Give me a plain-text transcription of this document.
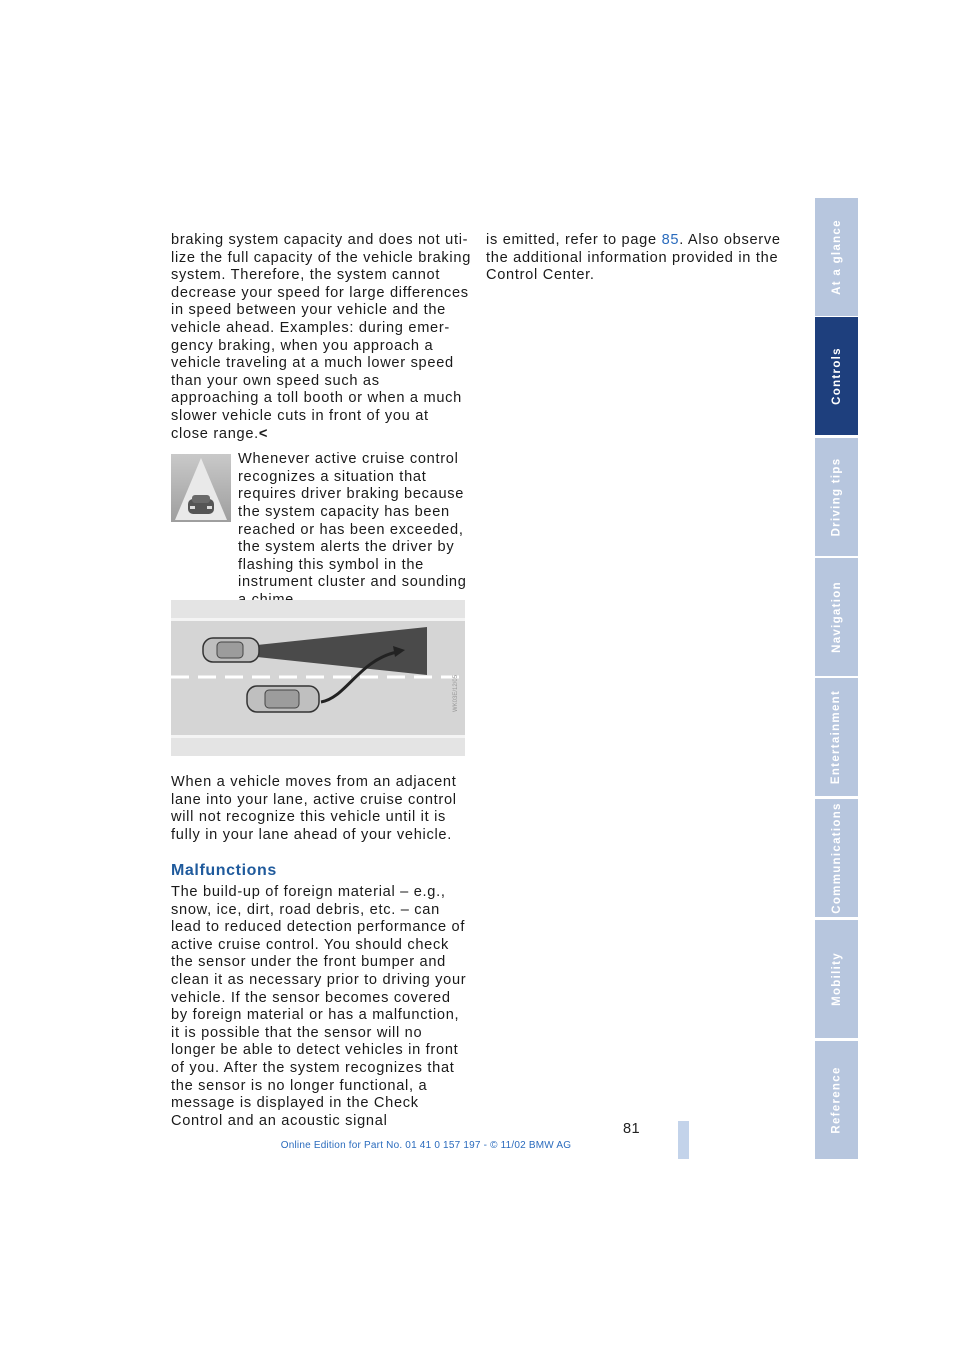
braking system capacity and does not uti-lize the full capacity of the vehicle braking system. Therefore, the system cannot decrease your speed for large differences in speed between your vehicle and the vehicle ahead. Examples: during emer-gency braking, when you approach a vehicle traveling at a much lower speed than your own speed such as approaching a toll booth or when a much slower vehicle cuts in front of you at close range.<

Whenever active cruise control recognizes a situation that requires driver braking because the system capacity has been reached or has been exceeded, the system alerts the driver by flashing this symbol in the instrument cluster and sounding

WK03E/12/05

When a vehicle moves from an adjacent lane into your lane, active cruise control will not recognize this vehicle until it is fully in your lane ahead of your vehicle.

Malfunctions

The build-up of foreign material – e.g., snow, ice, dirt, road debris, etc. – can lead to reduced detection performance of active cruise control. You should check the sensor under the front bumper and clean it as necessary prior to driving your vehicle. If the sensor becomes covered by foreign material or has a malfunction, it is possible that the sensor will no longer be able to detect vehicles in front of you. After the system recognizes that the sensor is no longer functional, a message is displayed in the Check Control and an acoustic signal

is emitted, refer to page 85. Also observe the additional information provided in the Control Center.	At a glance
Controls
Driving tips
Navigation
Entertainment
Communications
Mobility
Reference
81
Online Edition for Part No. 01 41 0 157 197 - © 11/02 BMW AG
